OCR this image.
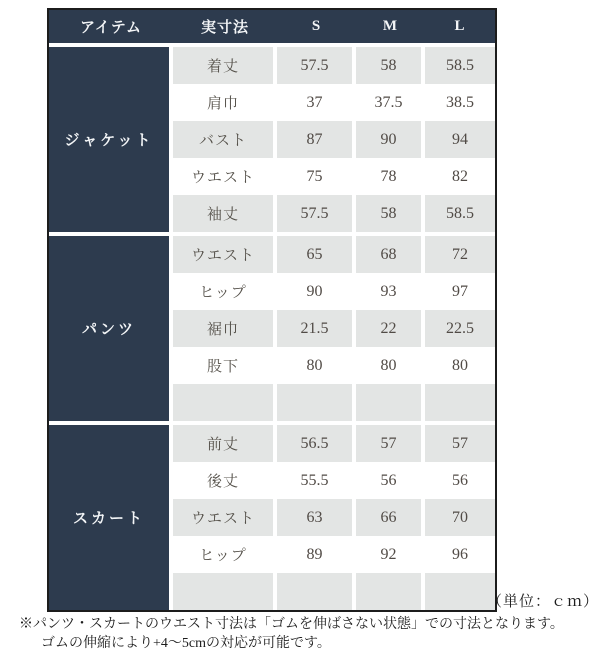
アイテム	実寸法	S	M	L
ジャケット
着丈	57.5	58	58.5
肩巾	37	37.5	38.5
バスト	87	90	94
ウエスト	75	78	82
袖丈	57.5	58	58.5
パンツ
ウエスト	65	68	72
ヒップ	90	93	97
裾巾	21.5	22	22.5
股下	80	80	80
スカート
前丈	56.5	57	57
後丈	55.5	56	56
ウエスト	63	66	70
ヒップ	89	92	96
（単位：ｃｍ）
※パンツ・スカートのウエスト寸法は「ゴムを伸ばさない状態」での寸法となります。
ゴムの伸縮により+4～5cmの対応が可能です。
